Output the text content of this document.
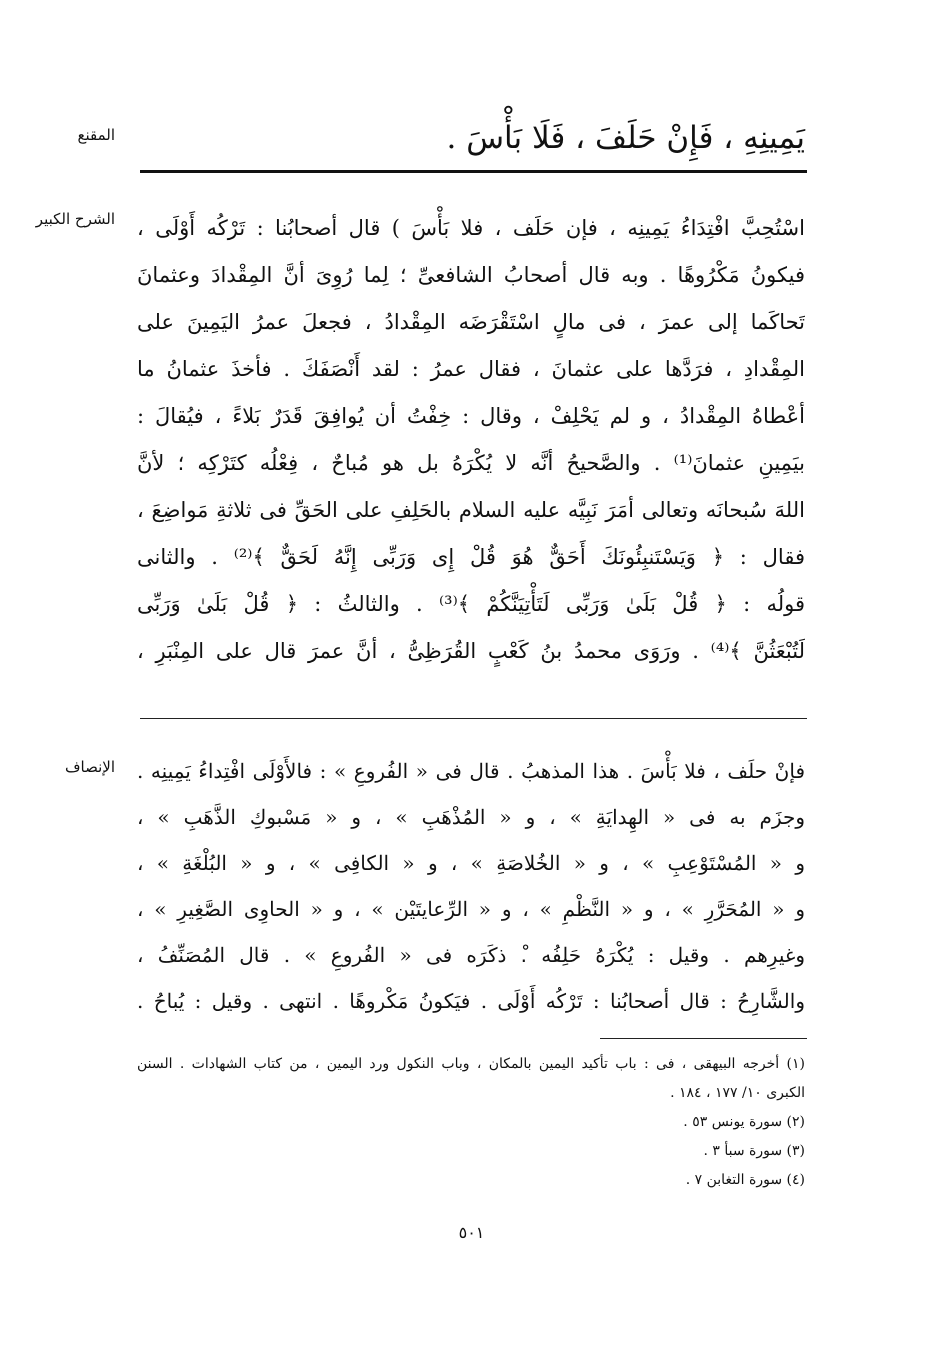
المقنع	يَمِينِهِ ، فَإِنْ حَلَفَ ، فَلَا بَأْسَ .
الشرح الكبير اسْتُحِبَّ افْتِدَاءُ يَمِينِه ، فإن حَلَف ، فلا بَأْسَ ) قال أصحابُنا : تَرْكُه أَوْلَى ،
فيكونُ مَكْرُوهًا . وبه قال أصحابُ الشافعىِّ ؛ لِما رُوِىَ أنَّ المِقْدادَ وعثمانَ
تَحاكَما إلى عمرَ ، فى مالٍ اسْتَقْرَضَه المِقْدادُ ، فجعلَ عمرُ اليَمِينَ على
المِقْدادِ ، فرَدَّها على عثمانَ ، فقال عمرُ : لقد أَنْصَفَكَ . فأخذَ عثمانُ ما
أعْطاهُ المِقْدادُ ، و لم يَحْلِفْ ، وقال : خِفْتُ أن يُوافِقَ قَدَرٌ بَلاءً ، فيُقالَ :
بيَمِينِ عثمانَ⁽¹⁾ . والصَّحيحُ أنَّه لا يُكْرَهُ بل هو مُباحٌ ، فِعْلُه كتَرْكِه ؛ لأنَّ
اللهَ سُبحانَه وتعالى أمَرَ نَبِيَّه عليه السلام بالحَلِفِ على الحَقِّ فى ثلاثةِ مَواضِعَ ،
فقال : ﴿ وَيَسْتَنبِئُونَكَ أَحَقٌّ هُوَ قُلْ إِى وَرَبِّى إِنَّهُ لَحَقٌّ ﴾⁽²⁾ . والثانى
قولُه : ﴿ قُلْ بَلَىٰ وَرَبِّى لَتَأْتِيَنَّكُمْ ﴾⁽³⁾ . والثالثُ : ﴿ قُلْ بَلَىٰ وَرَبِّى
لَتُبْعَثُنَّ ﴾⁽⁴⁾ . ورَوَى محمدُ بنُ كَعْبٍ القُرَظِىُّ ، أنَّ عمرَ قال على المِنْبَرِ ،
الإنصاف فإنْ حلَف ، فلا بَأْسَ . هذا المذهبُ . قال فى « الفُروعِ » : فالأَوْلَى افْتِداءُ يَمِينِه .
وجزَم به فى « الهِدايَةِ » ، و « المُذْهَبِ » ، و « مَسْبوكِ الذَّهَبِ » ،
و « المُسْتَوْعِبِ » ، و « الخُلاصَةِ » ، و « الكافِى » ، و « البُلْغَةِ » ،
و « المُحَرَّرِ » ، و « النَّظْمِ » ، و « الرِّعايتَيْن » ، و « الحاوِى الصَّغِيرِ » ،
وغيرِهم . وقيل : يُكْرَهُ حَلِفُه .ْ ذكَرَه فى « الفُروعِ » . قال المُصَنِّفُ ،
والشَّارِحُ : قال أصحابُنا : تَرْكُه أَوْلَى . فيَكونُ مَكْروهًا . انتهى . وقيل : يُباحُ .
(١) أخرجه البيهقى ، فى : باب تأكيد اليمين بالمكان ، وباب النكول ورد اليمين ، من كتاب الشهادات . السنن
الكبرى ١٠/ ١٧٧ ، ١٨٤ .
(٢) سورة يونس ٥٣ .
(٣) سورة سبأ ٣ .
(٤) سورة التغابن ٧ .
٥٠١
